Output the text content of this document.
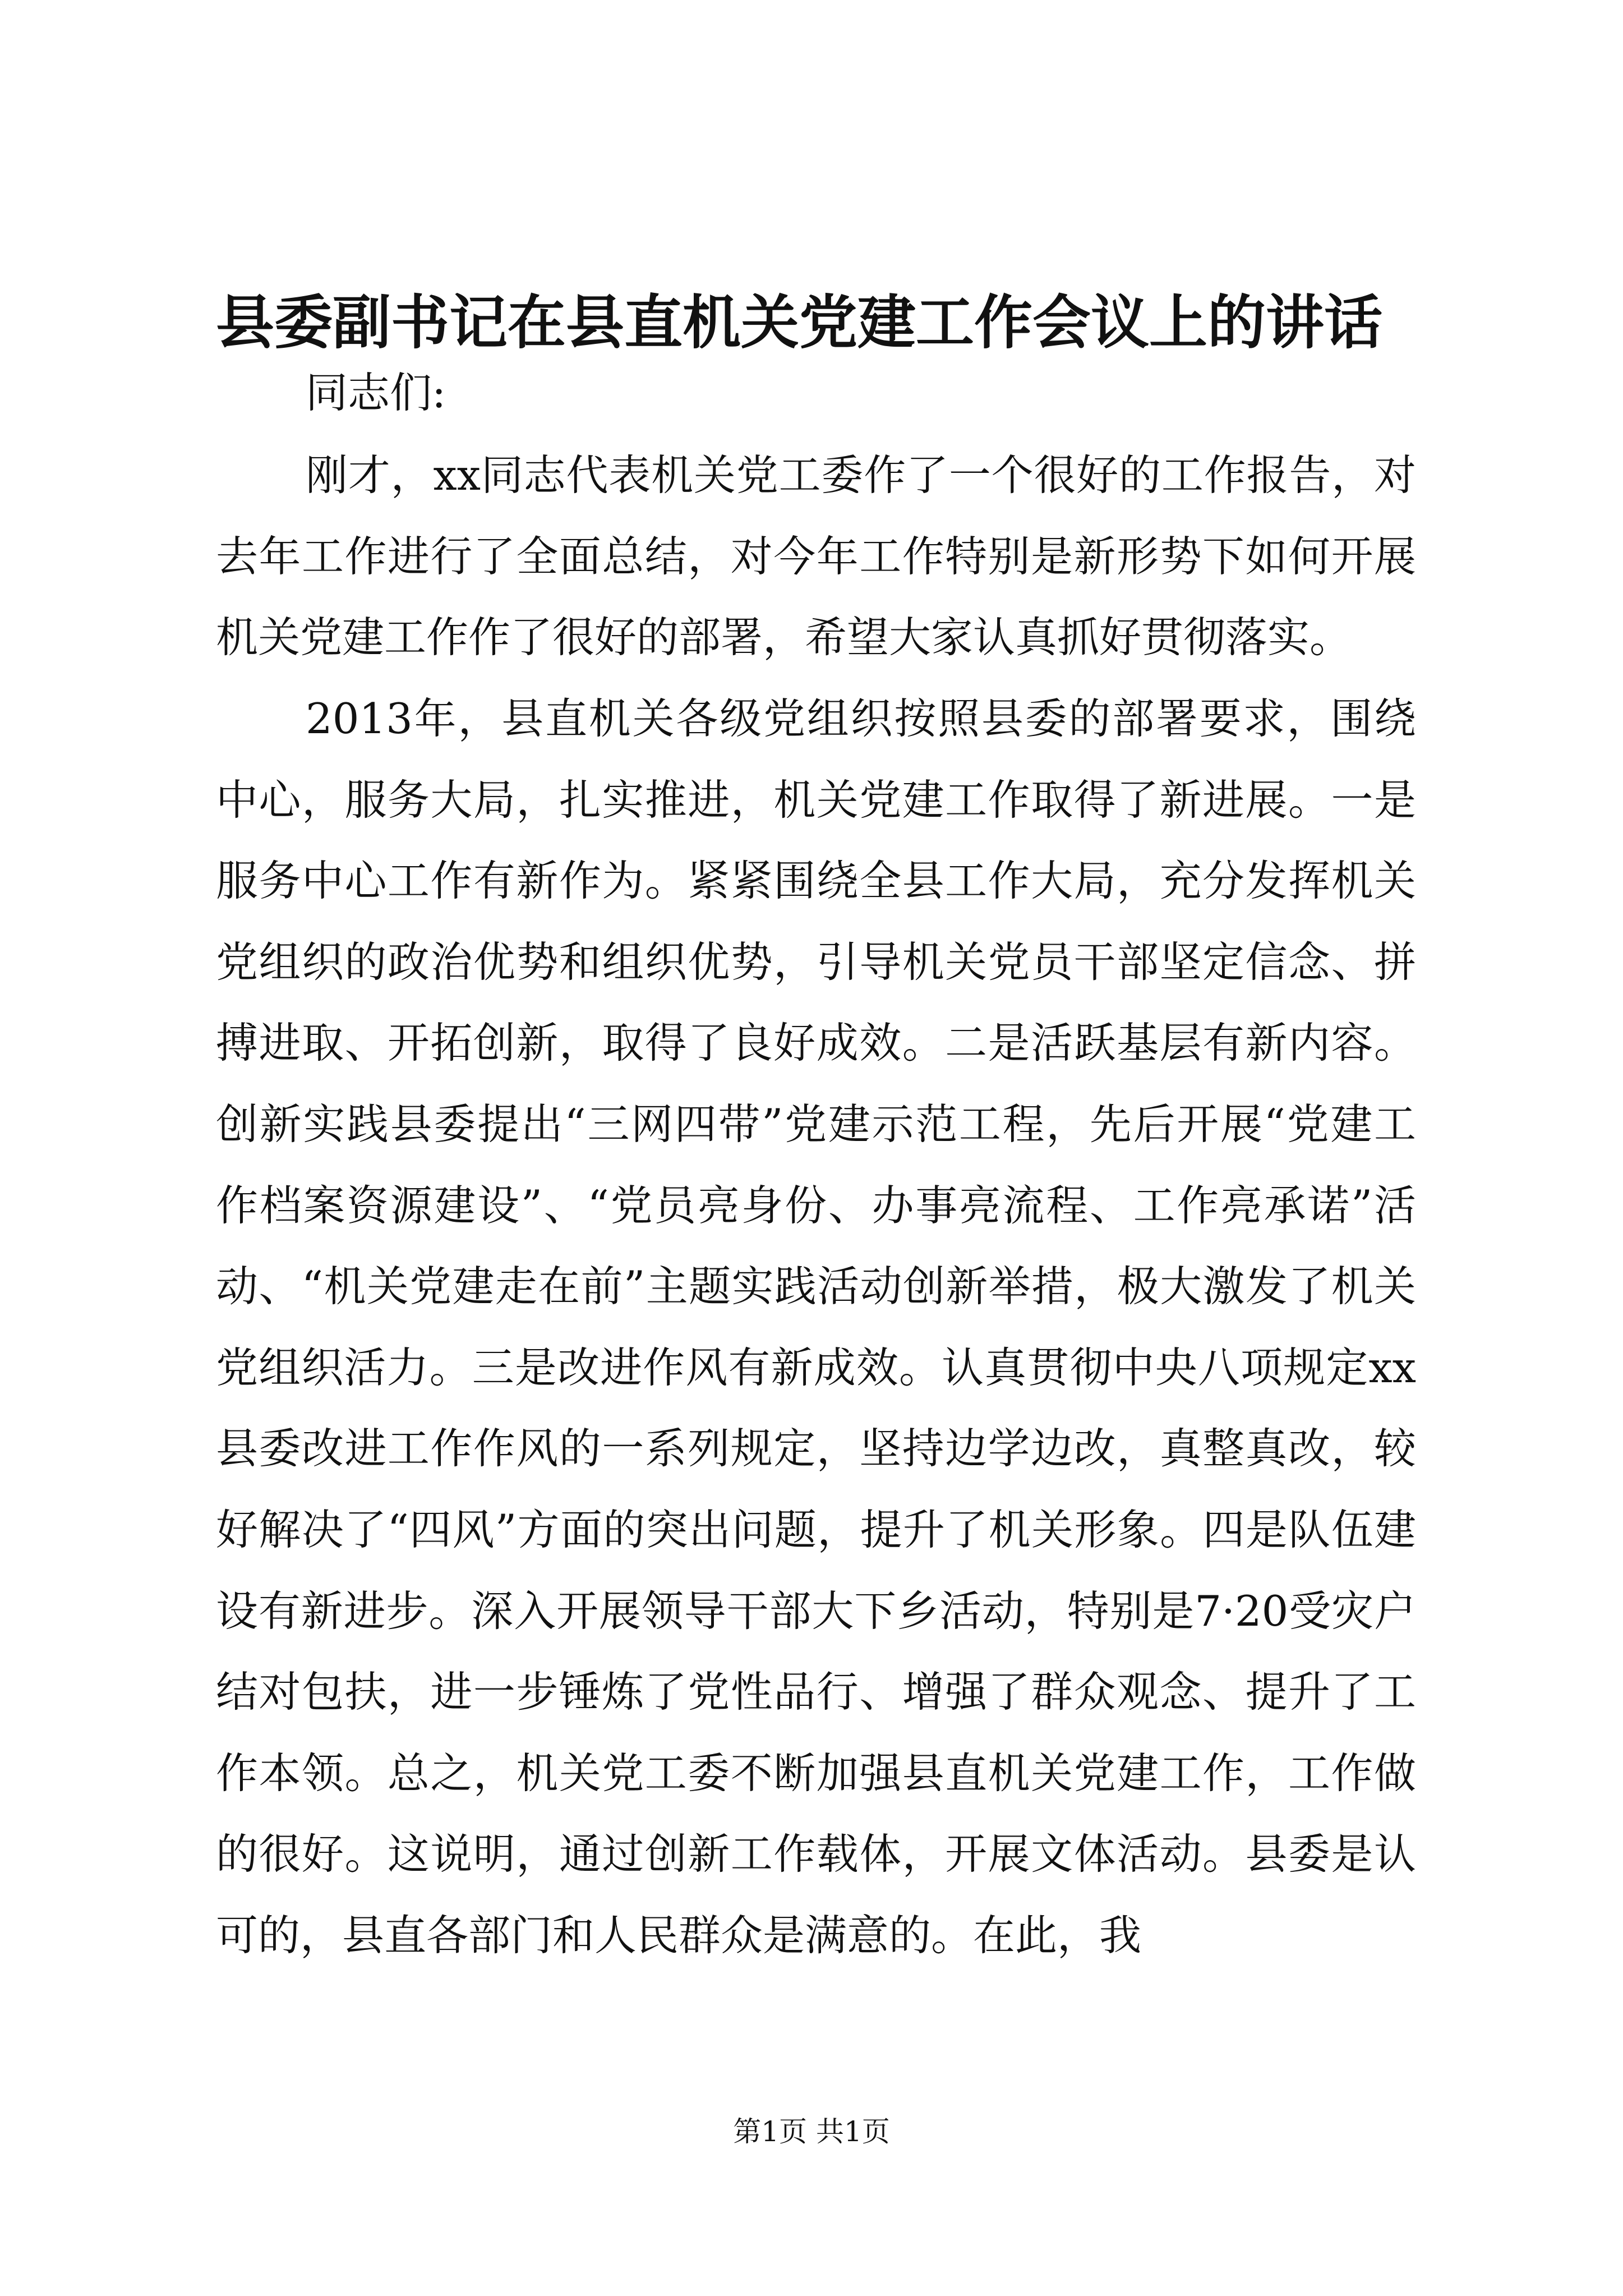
县委副书记在县直机关党建工作会议上的讲话

同志们:

刚才，xx同志代表机关党工委作了一个很好的工作报告，对去年工作进行了全面总结，对今年工作特别是新形势下如何开展机关党建工作作了很好的部署，希望大家认真抓好贯彻落实。

2013年，县直机关各级党组织按照县委的部署要求，围绕中心，服务大局，扎实推进，机关党建工作取得了新进展。一是服务中心工作有新作为。紧紧围绕全县工作大局，充分发挥机关党组织的政治优势和组织优势，引导机关党员干部坚定信念、拼搏进取、开拓创新，取得了良好成效。二是活跃基层有新内容。创新实践县委提出“三网四带”党建示范工程，先后开展“党建工作档案资源建设”、“党员亮身份、办事亮流程、工作亮承诺”活动、“机关党建走在前”主题实践活动创新举措，极大激发了机关党组织活力。三是改进作风有新成效。认真贯彻中央八项规定xx县委改进工作作风的一系列规定，坚持边学边改，真整真改，较好解决了“四风”方面的突出问题，提升了机关形象。四是队伍建设有新进步。深入开展领导干部大下乡活动，特别是7·20受灾户结对包扶，进一步锤炼了党性品行、增强了群众观念、提升了工作本领。总之，机关党工委不断加强县直机关党建工作，工作做的很好。这说明，通过创新工作载体，开展文体活动。县委是认可的，县直各部门和人民群众是满意的。在此，我

第1页 共1页
